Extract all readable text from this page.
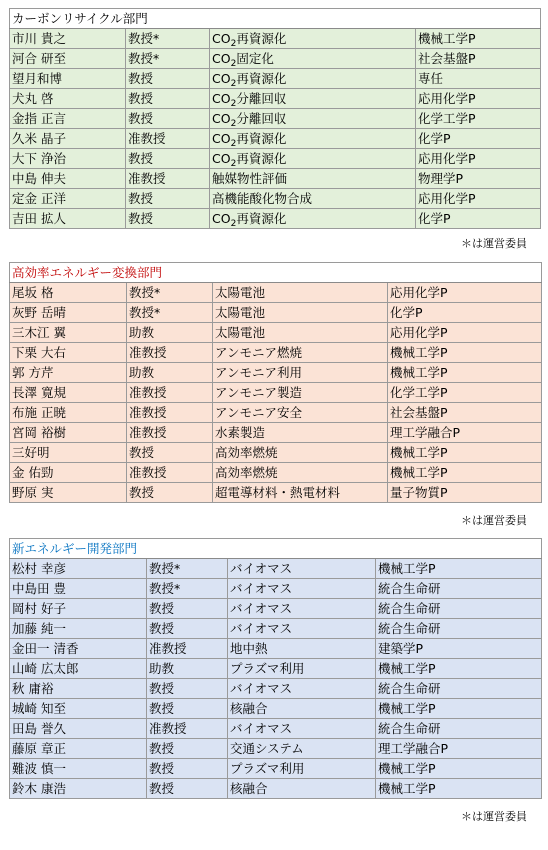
カーボンリサイクル部門			
市川 貴之	教授*	$CO_2$再資源化	機械工学P
河合 研至	教授*	$CO_2$固定化	社会基盤P
望月和博	教授	$CO_2$再資源化	専任
犬丸 啓	教授	$CO_2$分離回収	応用化学P
金指 正言	教授	$CO_2$分離回収	化学工学P
久米 晶子	准教授	$CO_2$再資源化	化学P
大下 浄治	教授	$CO_2$再資源化	応用化学P
中島 伸夫	准教授	触媒物性評価	物理学P
定金 正洋	教授	高機能酸化物合成	応用化学P
吉田 拡人	教授	$CO_2$再資源化	化学P
＊は運営委員
高効率エネルギー変換部門			
尾坂 格	教授*	太陽電池	応用化学P
灰野 岳晴	教授*	太陽電池	化学P
三木江 翼	助教	太陽電池	応用化学P
下栗 大右	准教授	アンモニア燃焼	機械工学P
郭 方芹	助教	アンモニア利用	機械工学P
長澤 寛規	准教授	アンモニア製造	化学工学P
布施 正暁	准教授	アンモニア安全	社会基盤P
宮岡 裕樹	准教授	水素製造	理工学融合P
三好明	教授	高効率燃焼	機械工学P
金 佑勁	准教授	高効率燃焼	機械工学P
野原 実	教授	超電導材料・熱電材料	量子物質P
＊は運営委員
新エネルギー開発部門			
松村 幸彦	教授*	バイオマス	機械工学P
中島田 豊	教授*	バイオマス	統合生命研
岡村 好子	教授	バイオマス	統合生命研
加藤 純一	教授	バイオマス	統合生命研
金田一 清香	准教授	地中熱	建築学P
山崎 広太郎	助教	プラズマ利用	機械工学P
秋 庸裕	教授	バイオマス	統合生命研
城崎 知至	教授	核融合	機械工学P
田島 誉久	准教授	バイオマス	統合生命研
藤原 章正	教授	交通システム	理工学融合P
難波 慎一	教授	プラズマ利用	機械工学P
鈴木 康浩	教授	核融合	機械工学P
＊は運営委員
